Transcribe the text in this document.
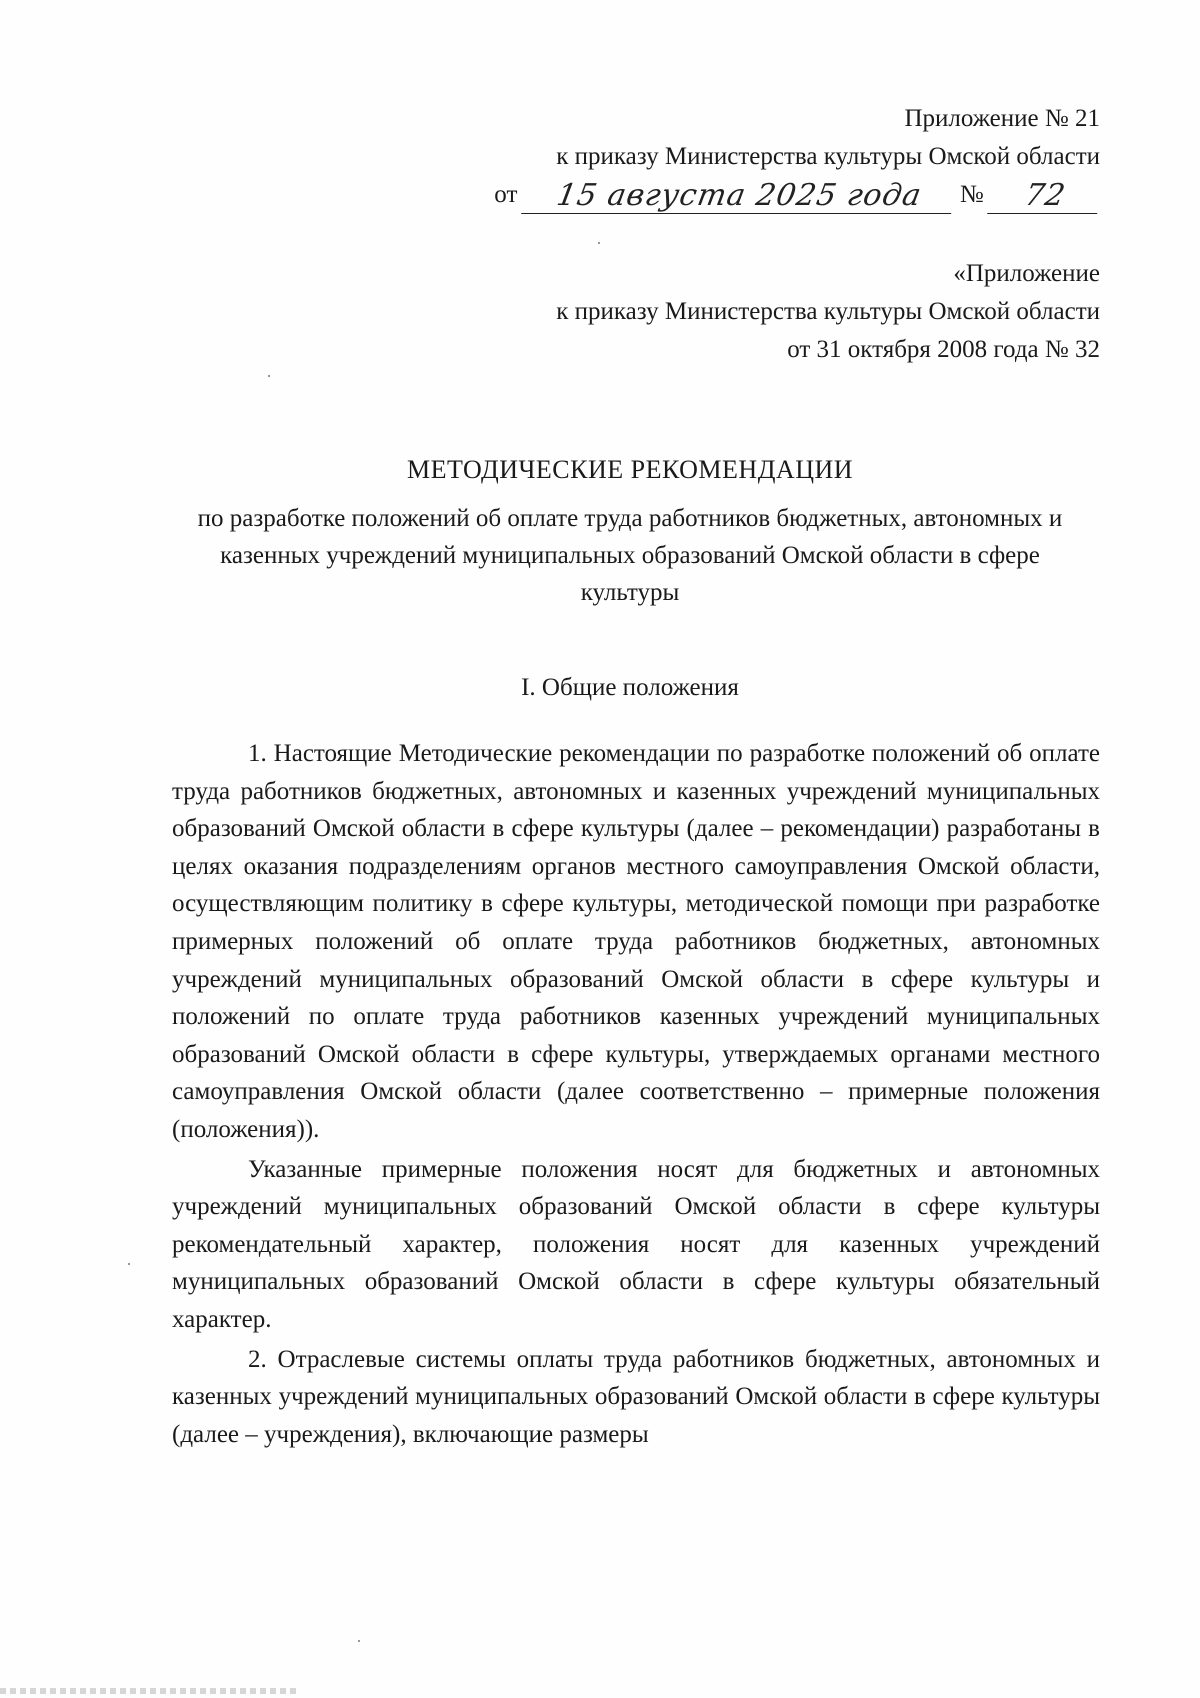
Приложение № 21
к приказу Министерства культуры Омской области
от 15 августа 2025 года № 72
«Приложение
к приказу Министерства культуры Омской области
от 31 октября 2008 года № 32
МЕТОДИЧЕСКИЕ РЕКОМЕНДАЦИИ
по разработке положений об оплате труда работников бюджетных, автономных и казенных учреждений муниципальных образований Омской области в сфере культуры
I. Общие положения

1. Настоящие Методические рекомендации по разработке положений об оплате труда работников бюджетных, автономных и казенных учреждений муниципальных образований Омской области в сфере культуры (далее – рекомендации) разработаны в целях оказания подразделениям органов местного самоуправления Омской области, осуществляющим политику в сфере культуры, методической помощи при разработке примерных положений об оплате труда работников бюджетных, автономных учреждений муниципальных образований Омской области в сфере культуры и положений по оплате труда работников казенных учреждений муниципальных образований Омской области в сфере культуры, утверждаемых органами местного самоуправления Омской области (далее соответственно – примерные положения (положения)).

Указанные примерные положения носят для бюджетных и автономных учреждений муниципальных образований Омской области в сфере культуры рекомендательный характер, положения носят для казенных учреждений муниципальных образований Омской области в сфере культуры обязательный характер.

2. Отраслевые системы оплаты труда работников бюджетных, автономных и казенных учреждений муниципальных образований Омской области в сфере культуры (далее – учреждения), включающие размеры
